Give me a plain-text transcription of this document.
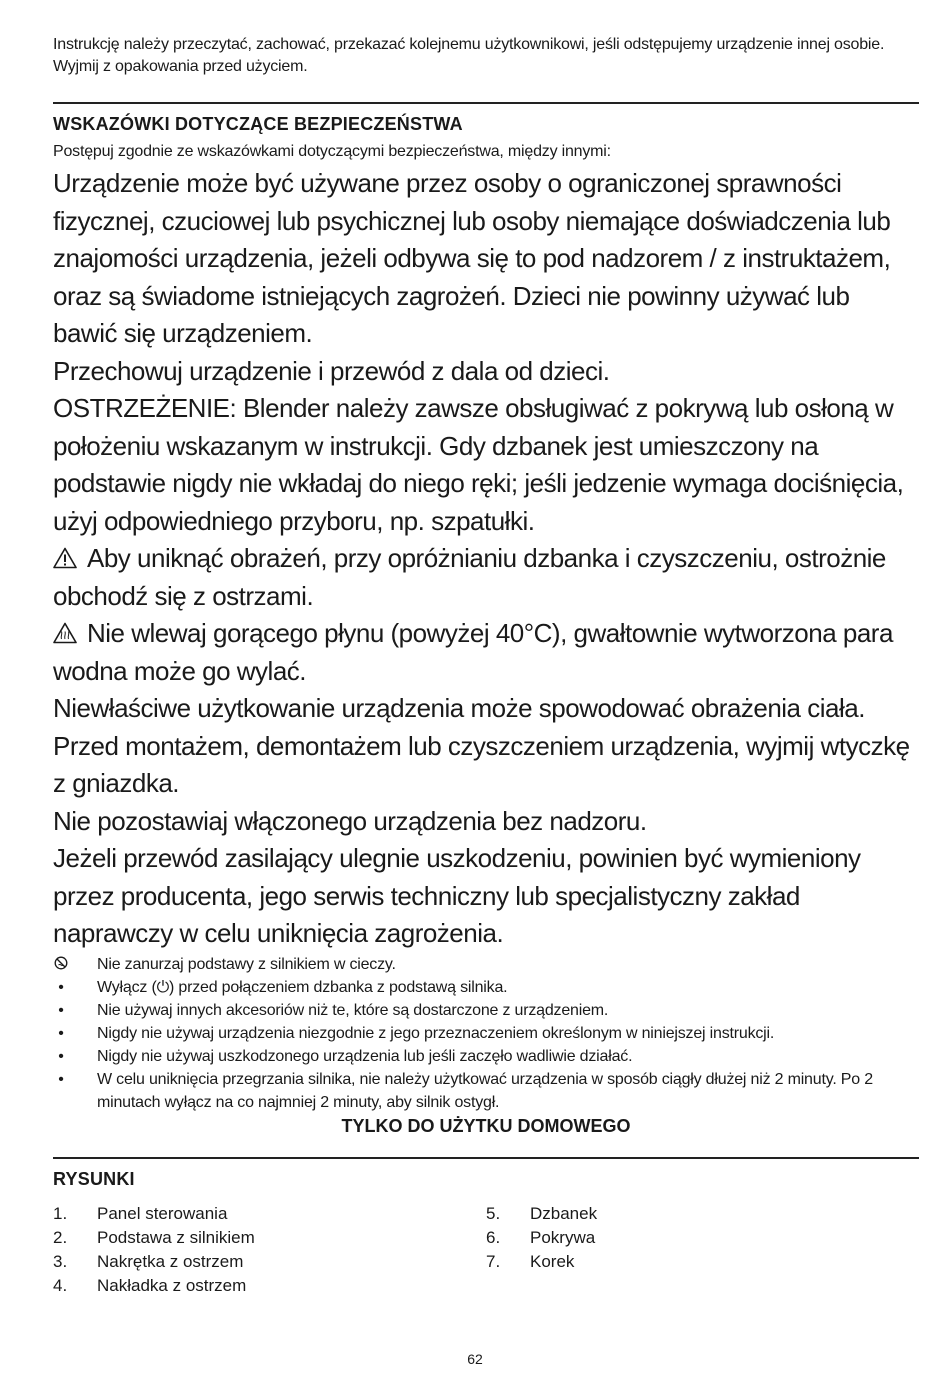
Instrukcję należy przeczytać, zachować, przekazać kolejnemu użytkownikowi, jeśli odstępujemy urządzenie innej osobie. Wyjmij z opakowania przed użyciem.

WSKAZÓWKI DOTYCZĄCE BEZPIECZEŃSTWA
Postępuj zgodnie ze wskazówkami dotyczącymi bezpieczeństwa, między innymi:

Urządzenie może być używane przez osoby o ograniczonej sprawności fizycznej, czuciowej lub psychicznej lub osoby niemające doświadczenia lub znajomości urządzenia, jeżeli odbywa się to pod nadzorem / z instruktażem, oraz są świadome istniejących zagrożeń. Dzieci nie powinny używać lub bawić się urządzeniem.

Przechowuj urządzenie i przewód z dala od dzieci.

OSTRZEŻENIE: Blender należy zawsze obsługiwać z pokrywą lub osłoną w położeniu wskazanym w instrukcji. Gdy dzbanek jest umieszczony na podstawie nigdy nie wkładaj do niego ręki; jeśli jedzenie wymaga dociśnięcia, użyj odpowiedniego przyboru, np. szpatułki.

Aby uniknąć obrażeń, przy opróżnianiu dzbanka i czyszczeniu, ostrożnie obchodź się z ostrzami.

Nie wlewaj gorącego płynu (powyżej 40°C), gwałtownie wytworzona para wodna może go wylać.

Niewłaściwe użytkowanie urządzenia może spowodować obrażenia ciała.

Przed montażem, demontażem lub czyszczeniem urządzenia, wyjmij wtyczkę z gniazdka.

Nie pozostawiaj włączonego urządzenia bez nadzoru.

Jeżeli przewód zasilający ulegnie uszkodzeniu, powinien być wymieniony przez producenta, jego serwis techniczny lub specjalistyczny zakład naprawczy w celu uniknięcia zagrożenia.

Nie zanurzaj podstawy z silnikiem w cieczy.
•	Wyłącz (⏻) przed połączeniem dzbanka z podstawą silnika.
•	Nie używaj innych akcesoriów niż te, które są dostarczone z urządzeniem.
•	Nigdy nie używaj urządzenia niezgodnie z jego przeznaczeniem określonym w niniejszej instrukcji.
•	Nigdy nie używaj uszkodzonego urządzenia lub jeśli zaczęło wadliwie działać.
•	W celu uniknięcia przegrzania silnika, nie należy użytkować urządzenia w sposób ciągły dłużej niż 2 minuty. Po 2 minutach wyłącz na co najmniej 2 minuty, aby silnik ostygł.
TYLKO DO UŻYTKU DOMOWEGO
RYSUNKI
1.	Panel sterowania
2.	Podstawa z silnikiem
3.	Nakrętka z ostrzem
4.	Nakładka z ostrzem
5.	Dzbanek
6.	Pokrywa
7.	Korek
62
